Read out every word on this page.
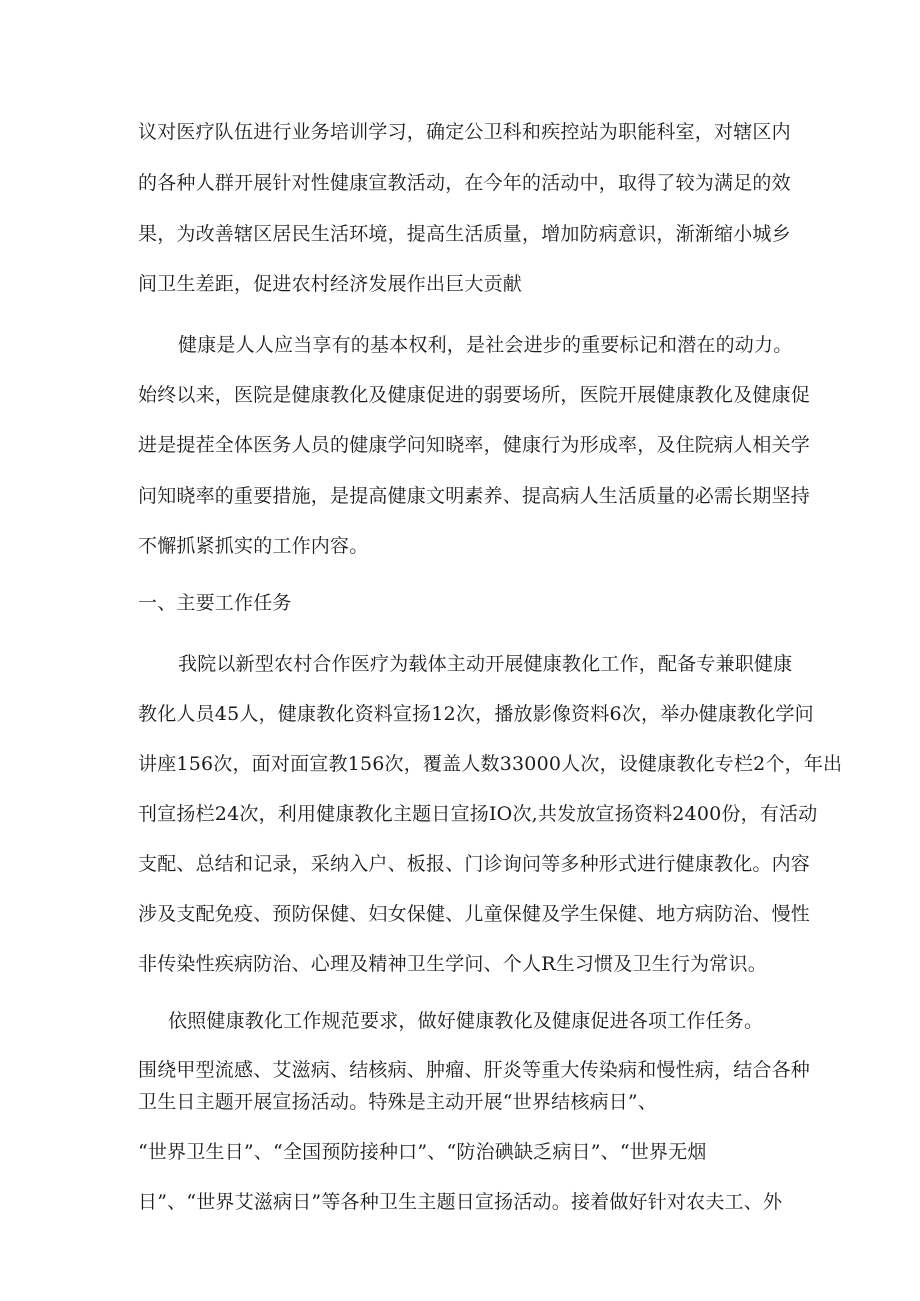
议对医疗队伍进行业务培训学习，确定公卫科和疾控站为职能科室，对辖区内
的各种人群开展针对性健康宣教活动，在今年的活动中，取得了较为满足的效
果，为改善辖区居民生活环境，提高生活质量，增加防病意识，渐渐缩小城乡
间卫生差距，促进农村经济发展作出巨大贡献
健康是人人应当享有的基本权利，是社会进步的重要标记和潜在的动力。
始终以来，医院是健康教化及健康促进的弱要场所，医院开展健康教化及健康促
进是提茬全体医务人员的健康学问知晓率，健康行为形成率，及住院病人相关学
问知晓率的重要措施，是提高健康文明素养、提高病人生活质量的必需长期坚持
不懈抓紧抓实的工作内容。
一、主要工作任务
我院以新型农村合作医疗为载体主动开展健康教化工作，配备专兼职健康
教化人员45人，健康教化资料宣扬12次，播放影像资料6次，举办健康教化学问
讲座156次，面对面宣教156次，覆盖人数33000人次，设健康教化专栏2个，年出
刊宣扬栏24次，利用健康教化主题日宣扬IO次,共发放宣扬资料2400份，有活动
支配、总结和记录，采纳入户、板报、门诊询问等多种形式进行健康教化。内容
涉及支配免疫、预防保健、妇女保健、儿童保健及学生保健、地方病防治、慢性
非传染性疾病防治、心理及精神卫生学问、个人R生习惯及卫生行为常识。
依照健康教化工作规范要求，做好健康教化及健康促进各项工作任务。
围绕甲型流感、艾滋病、结核病、肿瘤、肝炎等重大传染病和慢性病，结合各种
卫生日主题开展宣扬活动。特殊是主动开展“世界结核病日”、
“世界卫生日”、“全国预防接种口”、“防治碘缺乏病日”、“世界无烟
日”、“世界艾滋病日”等各种卫生主题日宣扬活动。接着做好针对农夫工、外
